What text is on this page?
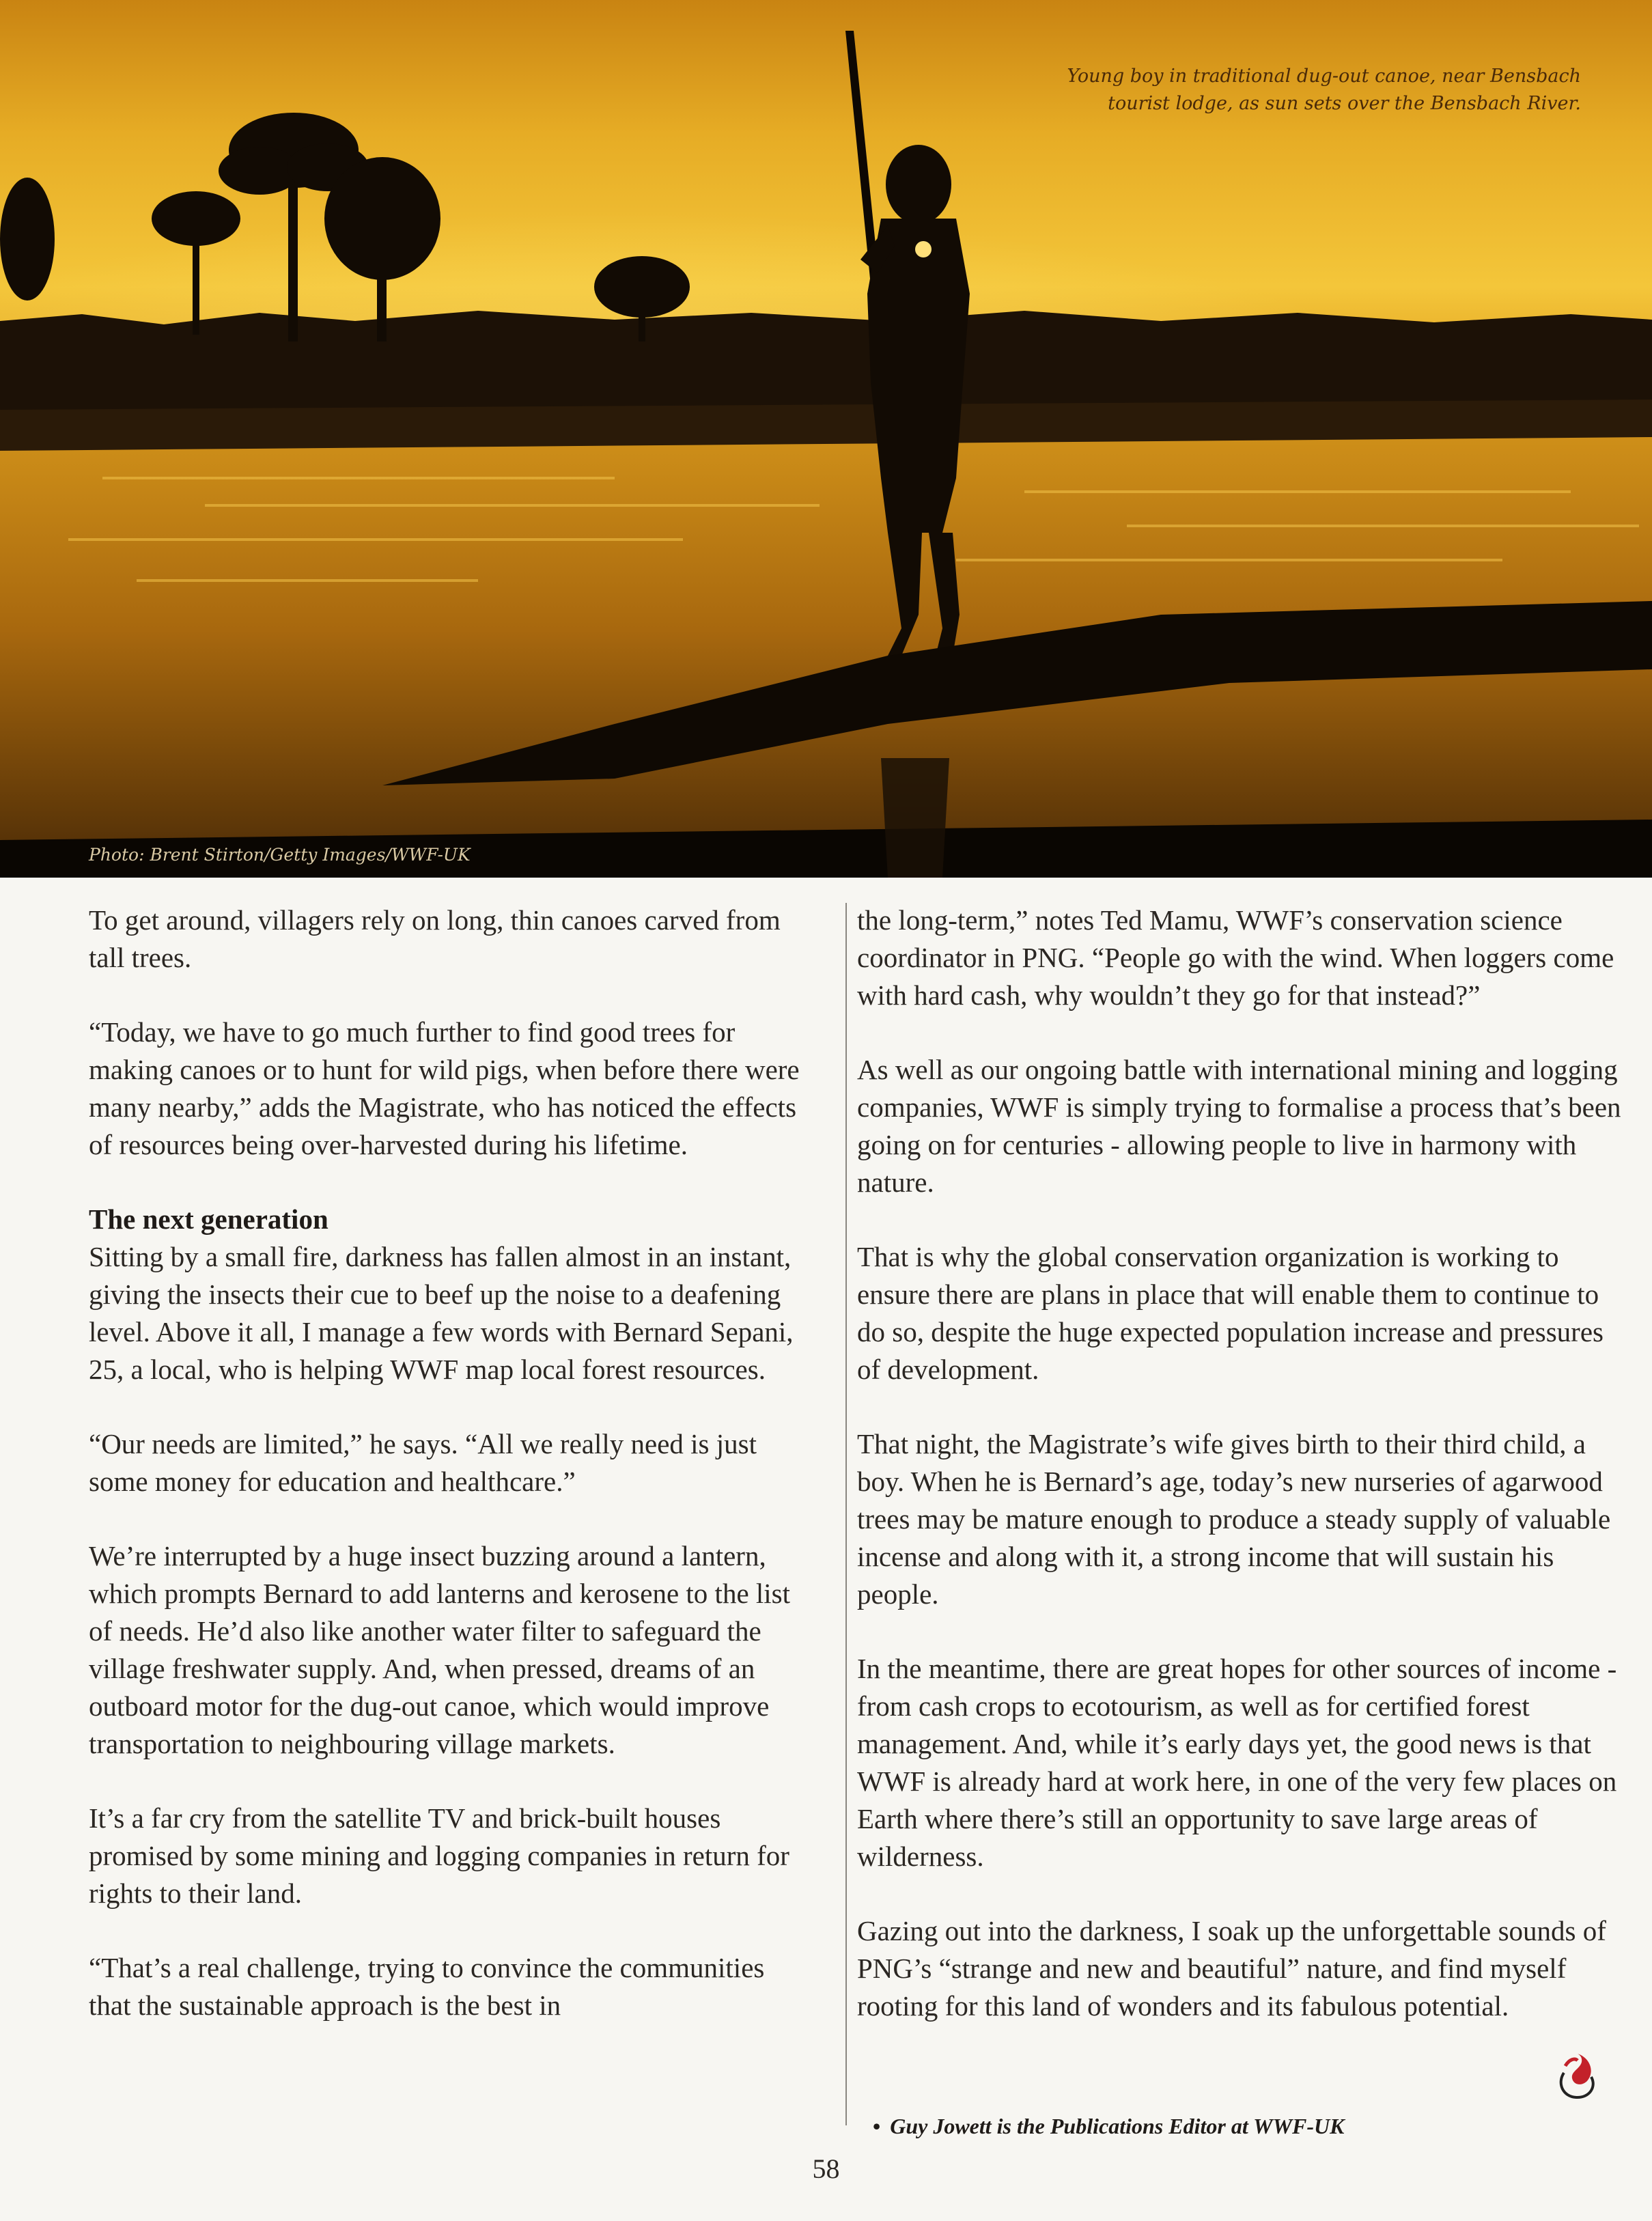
Young boy in traditional dug-out canoe, near Bensbach
tourist lodge, as sun sets over the Bensbach River.
Photo: Brent Stirton/Getty Images/WWF-UK

To get around, villagers rely on long, thin canoes carved from tall trees.

“Today, we have to go much further to find good trees for making canoes or to hunt for wild pigs, when before there were many nearby,” adds the Magistrate, who has noticed the effects of resources being over-harvested during his lifetime.

The next generation

Sitting by a small fire, darkness has fallen almost in an instant, giving the insects their cue to beef up the noise to a deafening level. Above it all, I manage a few words with Bernard Sepani, 25, a local, who is helping WWF map local forest resources.

“Our needs are limited,” he says. “All we really need is just some money for education and healthcare.”

We’re interrupted by a huge insect buzzing around a lantern, which prompts Bernard to add lanterns and kerosene to the list of needs. He’d also like another water filter to safeguard the village freshwater supply. And, when pressed, dreams of an outboard motor for the dug-out canoe, which would improve transportation to neighbouring village markets.

It’s a far cry from the satellite TV and brick-built houses promised by some mining and logging companies in return for rights to their land.

“That’s a real challenge, trying to convince the communities that the sustainable approach is the best in

the long-term,” notes Ted Mamu, WWF’s conservation science coordinator in PNG. “People go with the wind. When loggers come with hard cash, why wouldn’t they go for that instead?”

As well as our ongoing battle with international mining and logging companies, WWF is simply trying to formalise a process that’s been going on for centuries - allowing people to live in harmony with nature.

That is why the global conservation organization is working to ensure there are plans in place that will enable them to continue to do so, despite the huge expected population increase and pressures of development.

That night, the Magistrate’s wife gives birth to their third child, a boy. When he is Bernard’s age, today’s new nurseries of agarwood trees may be mature enough to produce a steady supply of valuable incense and along with it, a strong income that will sustain his people.

In the meantime, there are great hopes for other sources of income - from cash crops to ecotourism, as well as for certified forest management. And, while it’s early days yet, the good news is that WWF is already hard at work here, in one of the very few places on Earth where there’s still an opportunity to save large areas of wilderness.

Gazing out into the darkness, I soak up the unforgettable sounds of PNG’s “strange and new and beautiful” nature, and find myself rooting for this land of wonders and its fabulous potential.

• Guy Jowett is the Publications Editor at WWF-UK
58
